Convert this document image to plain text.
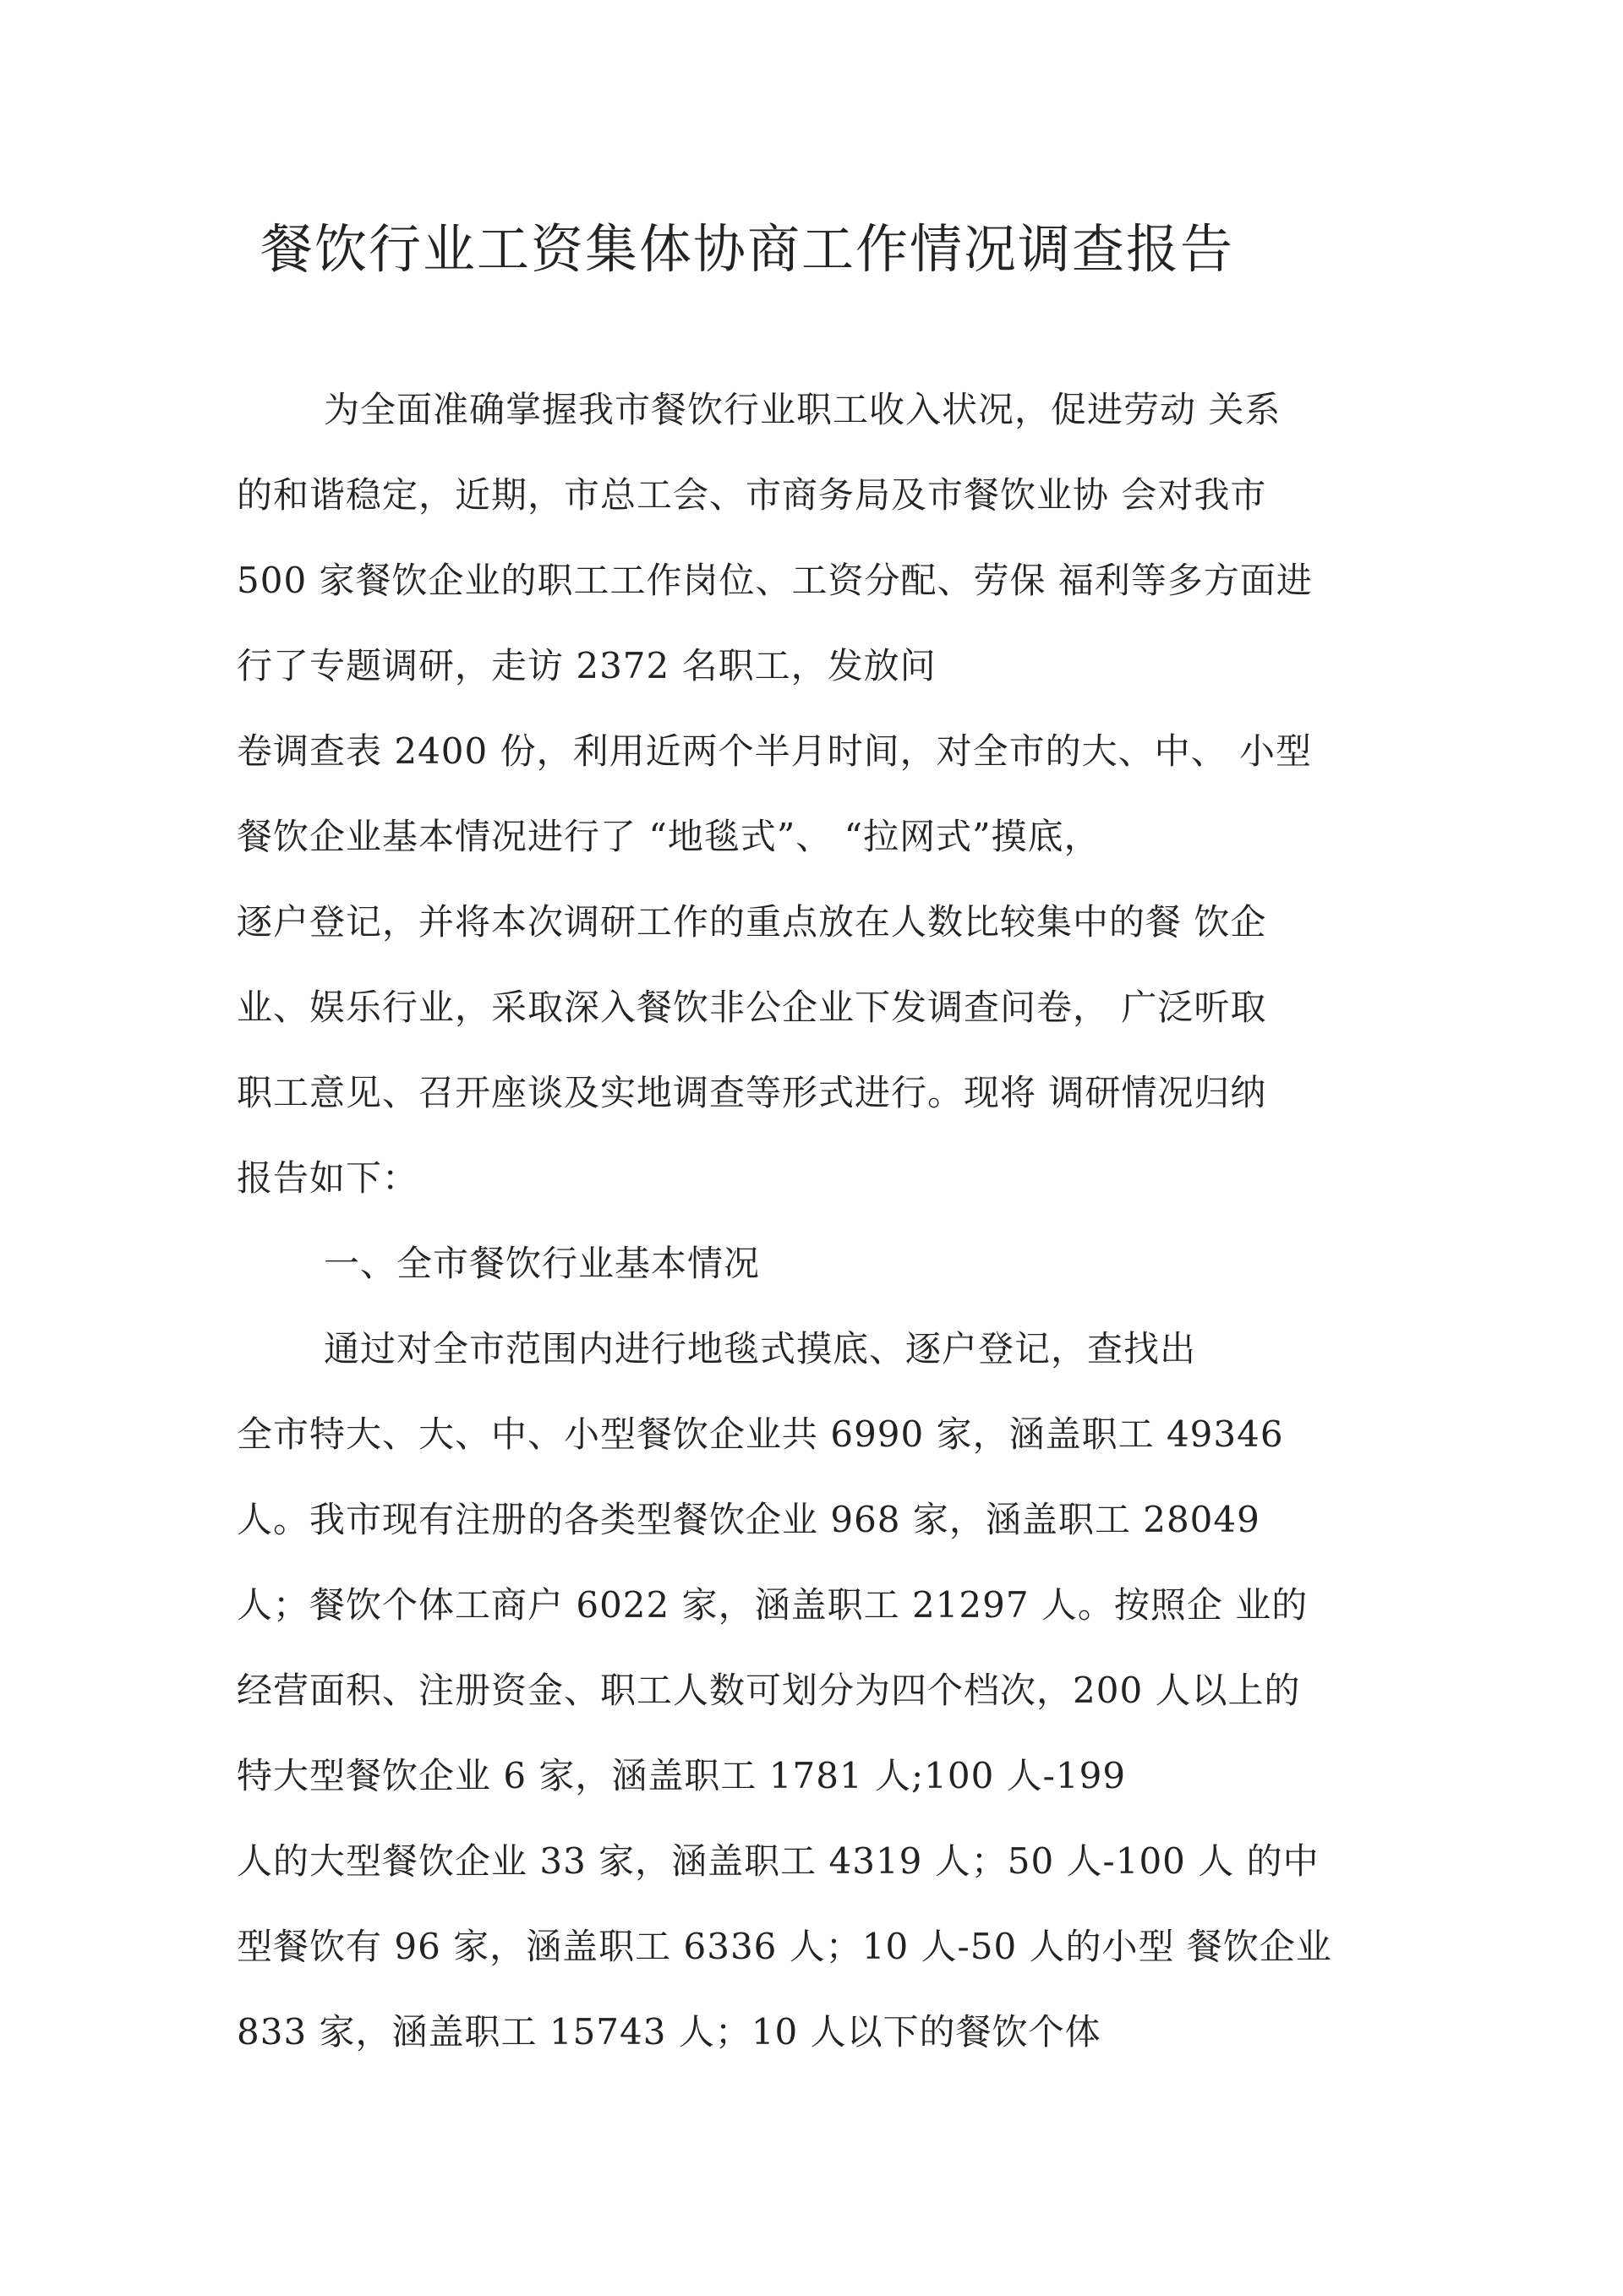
餐饮行业工资集体协商工作情况调查报告
为全面准确掌握我市餐饮行业职工收入状况，促进劳动 关系
的和谐稳定，近期，市总工会、市商务局及市餐饮业协 会对我市
500 家餐饮企业的职工工作岗位、工资分配、劳保 福利等多方面进
行了专题调研，走访 2372 名职工，发放问
卷调查表 2400 份，利用近两个半月时间，对全市的大、中、 小型
餐饮企业基本情况进行了 “地毯式”、 “拉网式”摸底，
逐户登记，并将本次调研工作的重点放在人数比较集中的餐 饮企
业、娱乐行业，采取深入餐饮非公企业下发调查问卷， 广泛听取
职工意见、召开座谈及实地调查等形式进行。现将 调研情况归纳
报告如下：
一、全市餐饮行业基本情况
通过对全市范围内进行地毯式摸底、逐户登记，查找出
全市特大、大、中、小型餐饮企业共 6990 家，涵盖职工 49346
人。我市现有注册的各类型餐饮企业 968 家，涵盖职工 28049
人；餐饮个体工商户 6022 家，涵盖职工 21297 人。按照企 业的
经营面积、注册资金、职工人数可划分为四个档次，200 人以上的
特大型餐饮企业 6 家，涵盖职工 1781 人;100 人-199
人的大型餐饮企业 33 家，涵盖职工 4319 人；50 人-100 人 的中
型餐饮有 96 家，涵盖职工 6336 人；10 人-50 人的小型 餐饮企业
833 家，涵盖职工 15743 人；10 人以下的餐饮个体
